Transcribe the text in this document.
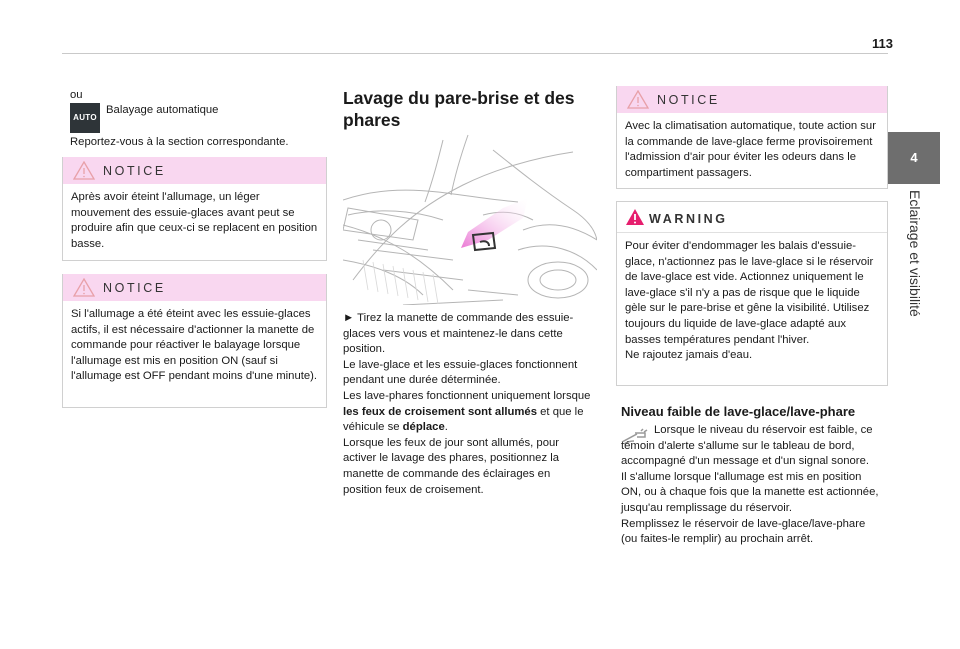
113
4
Eclairage et visibilité
ou
AUTO
Balayage automatique
Reportez-vous à la section correspondante.
NOTICE
Après avoir éteint l'allumage, un léger mouvement des essuie-glaces avant peut se produire afin que ceux-ci se replacent en position basse.
NOTICE
Si l'allumage a été éteint avec les essuie-glaces actifs, il est nécessaire d'actionner la manette de commande pour réactiver le balayage lorsque l'allumage est mis en position ON (sauf si l'allumage est OFF pendant moins d'une minute).
Lavage du pare-brise et des phares
► Tirez la manette de commande des essuie-glaces vers vous et maintenez-le dans cette position.
Le lave-glace et les essuie-glaces fonctionnent pendant une durée déterminée.
Les lave-phares fonctionnent uniquement lorsque les feux de croisement sont allumés et que le véhicule se déplace.
Lorsque les feux de jour sont allumés, pour activer le lavage des phares, positionnez la manette de commande des éclairages en position feux de croisement.
NOTICE
Avec la climatisation automatique, toute action sur la commande de lave-glace ferme provisoirement l'admission d'air pour éviter les odeurs dans le compartiment passagers.
WARNING
Pour éviter d'endommager les balais d'essuie-glace, n'actionnez pas le lave-glace si le réservoir de lave-glace est vide. Actionnez uniquement le lave-glace s'il n'y a pas de risque que le liquide gèle sur le pare-brise et gêne la visibilité. Utilisez toujours du liquide de lave-glace adapté aux basses températures pendant l'hiver.
Ne rajoutez jamais d'eau.
Niveau faible de lave-glace/lave-phare
Lorsque le niveau du réservoir est faible, ce témoin d'alerte s'allume sur le tableau de bord, accompagné d'un message et d'un signal sonore.
Il s'allume lorsque l'allumage est mis en position ON, ou à chaque fois que la manette est actionnée, jusqu'au remplissage du réservoir.
Remplissez le réservoir de lave-glace/lave-phare (ou faites-le remplir) au prochain arrêt.
